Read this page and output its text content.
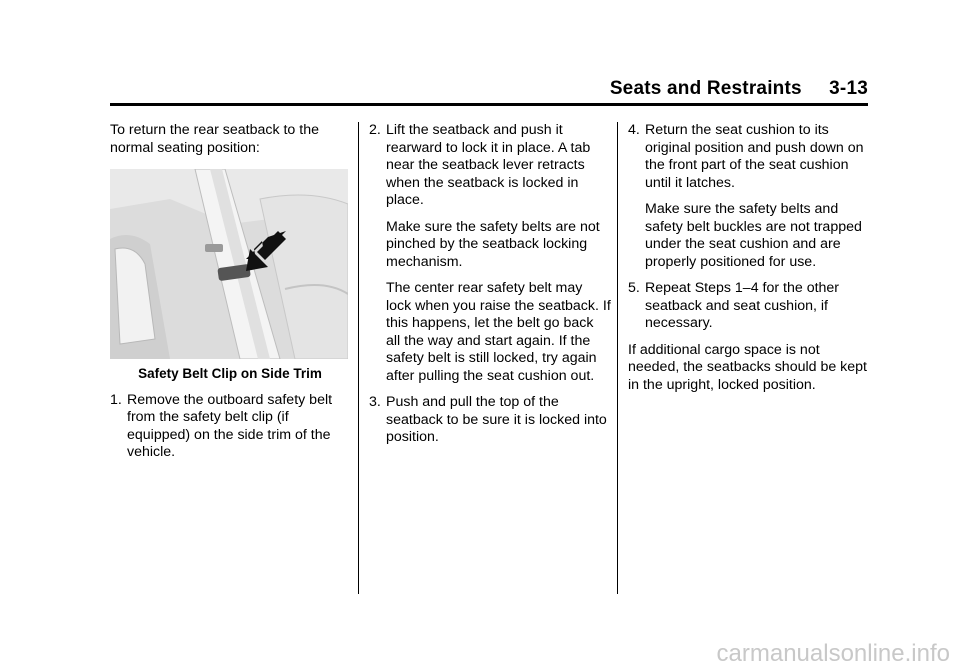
Seats and Restraints     3-13

To return the rear seatback to the normal seating position:

Safety Belt Clip on Side Trim

1. Remove the outboard safety belt from the safety belt clip (if equipped) on the side trim of the vehicle.

2. Lift the seatback and push it rearward to lock it in place. A tab near the seatback lever retracts when the seatback is locked in place.

Make sure the safety belts are not pinched by the seatback locking mechanism.

The center rear safety belt may lock when you raise the seatback. If this happens, let the belt go back all the way and start again. If the safety belt is still locked, try again after pulling the seat cushion out.

3. Push and pull the top of the seatback to be sure it is locked into position.

4. Return the seat cushion to its original position and push down on the front part of the seat cushion until it latches.

Make sure the safety belts and safety belt buckles are not trapped under the seat cushion and are properly positioned for use.

5. Repeat Steps 1–4 for the other seatback and seat cushion, if necessary.

If additional cargo space is not needed, the seatbacks should be kept in the upright, locked position.

carmanualsonline.info
